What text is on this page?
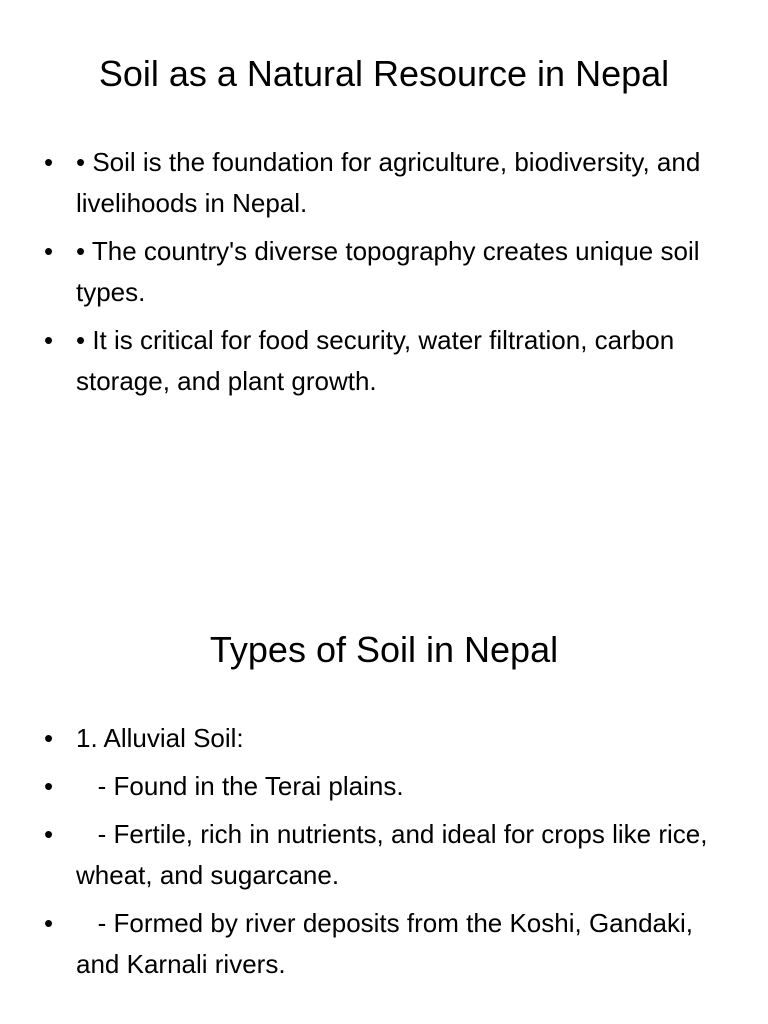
Soil as a Natural Resource in Nepal
• • Soil is the foundation for agriculture, biodiversity, and livelihoods in Nepal.
• • The country's diverse topography creates unique soil types.
• • It is critical for food security, water filtration, carbon storage, and plant growth.
Types of Soil in Nepal
• 1. Alluvial Soil:
• - Found in the Terai plains.
• - Fertile, rich in nutrients, and ideal for crops like rice, wheat, and sugarcane.
• - Formed by river deposits from the Koshi, Gandaki, and Karnali rivers.
